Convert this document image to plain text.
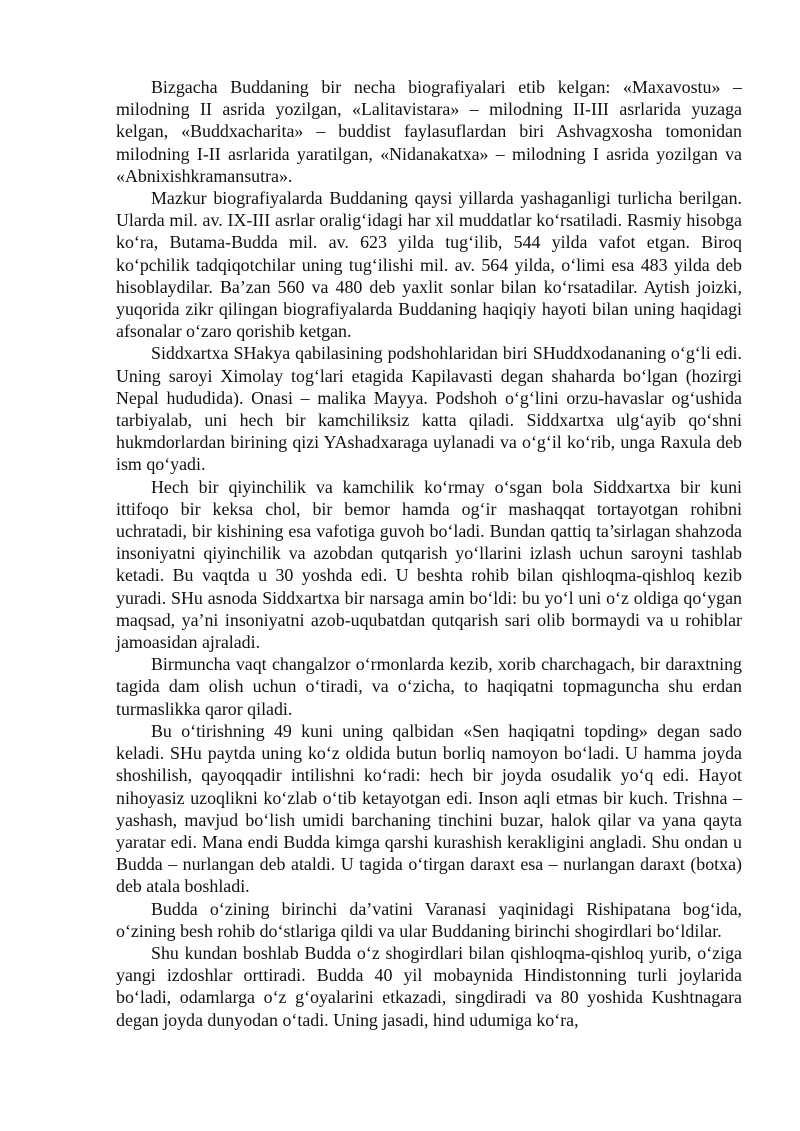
Bizgacha Buddaning bir necha biografiyalari etib kelgan: «Maxavostu» – milodning II asrida yozilgan, «Lalitavistara» – milodning II-III asrlarida yuzaga kelgan, «Buddxacharita» – buddist faylasuflardan biri Ashvagxosha tomonidan milodning I-II asrlarida yaratilgan, «Nidanakatxa» – milodning I asrida yozilgan va «Abnixishkramansutra».

Mazkur biografiyalarda Buddaning qaysi yillarda yashaganligi turlicha berilgan. Ularda mil. av. IX-III asrlar oralig‘idagi har xil muddatlar ko‘rsatiladi. Rasmiy hisobga ko‘ra, Butama-Budda mil. av. 623 yilda tug‘ilib, 544 yilda vafot etgan. Biroq ko‘pchilik tadqiqotchilar uning tug‘ilishi mil. av. 564 yilda, o‘limi esa 483 yilda deb hisoblaydilar. Ba’zan 560 va 480 deb yaxlit sonlar bilan ko‘rsatadilar. Aytish joizki, yuqorida zikr qilingan biografiyalarda Buddaning haqiqiy hayoti bilan uning haqidagi afsonalar o‘zaro qorishib ketgan.

Siddxartxa SHakya qabilasining podshohlaridan biri SHuddxodananing o‘g‘li edi. Uning saroyi Ximolay tog‘lari etagida Kapilavasti degan shaharda bo‘lgan (hozirgi Nepal hududida). Onasi – malika Mayya. Podshoh o‘g‘lini orzu-havaslar og‘ushida tarbiyalab, uni hech bir kamchiliksiz katta qiladi. Siddxartxa ulg‘ayib qo‘shni hukmdorlardan birining qizi YAshadxaraga uylanadi va o‘g‘il ko‘rib, unga Raxula deb ism qo‘yadi.

Hech bir qiyinchilik va kamchilik ko‘rmay o‘sgan bola Siddxartxa bir kuni ittifoqo bir keksa chol, bir bemor hamda og‘ir mashaqqat tortayotgan rohibni uchratadi, bir kishining esa vafotiga guvoh bo‘ladi. Bundan qattiq ta’sirlagan shahzoda insoniyatni qiyinchilik va azobdan qutqarish yo‘llarini izlash uchun saroyni tashlab ketadi. Bu vaqtda u 30 yoshda edi. U beshta rohib bilan qishloqma-qishloq kezib yuradi. SHu asnoda Siddxartxa bir narsaga amin bo‘ldi: bu yo‘l uni o‘z oldiga qo‘ygan maqsad, ya’ni insoniyatni azob-uqubatdan qutqarish sari olib bormaydi va u rohiblar jamoasidan ajraladi.

Birmuncha vaqt changalzor o‘rmonlarda kezib, xorib charchagach, bir daraxtning tagida dam olish uchun o‘tiradi, va o‘zicha, to haqiqatni topmaguncha shu erdan turmaslikka qaror qiladi.

Bu o‘tirishning 49 kuni uning qalbidan «Sen haqiqatni topding» degan sado keladi. SHu paytda uning ko‘z oldida butun borliq namoyon bo‘ladi. U hamma joyda shoshilish, qayoqqadir intilishni ko‘radi: hech bir joyda osudalik yo‘q edi. Hayot nihoyasiz uzoqlikni ko‘zlab o‘tib ketayotgan edi. Inson aqli etmas bir kuch. Trishna – yashash, mavjud bo‘lish umidi barchaning tinchini buzar, halok qilar va yana qayta yaratar edi. Mana endi Budda kimga qarshi kurashish kerakligini angladi. Shu ondan u Budda – nurlangan deb ataldi. U tagida o‘tirgan daraxt esa – nurlangan daraxt (botxa) deb atala boshladi.

Budda o‘zining birinchi da’vatini Varanasi yaqinidagi Rishipatana bog‘ida, o‘zining besh rohib do‘stlariga qildi va ular Buddaning birinchi shogirdlari bo‘ldilar.

Shu kundan boshlab Budda o‘z shogirdlari bilan qishloqma-qishloq yurib, o‘ziga yangi izdoshlar orttiradi. Budda 40 yil mobaynida Hindistonning turli joylarida bo‘ladi, odamlarga o‘z g‘oyalarini etkazadi, singdiradi va 80 yoshida Kushtnagara degan joyda dunyodan o‘tadi. Uning jasadi, hind udumiga ko‘ra,
